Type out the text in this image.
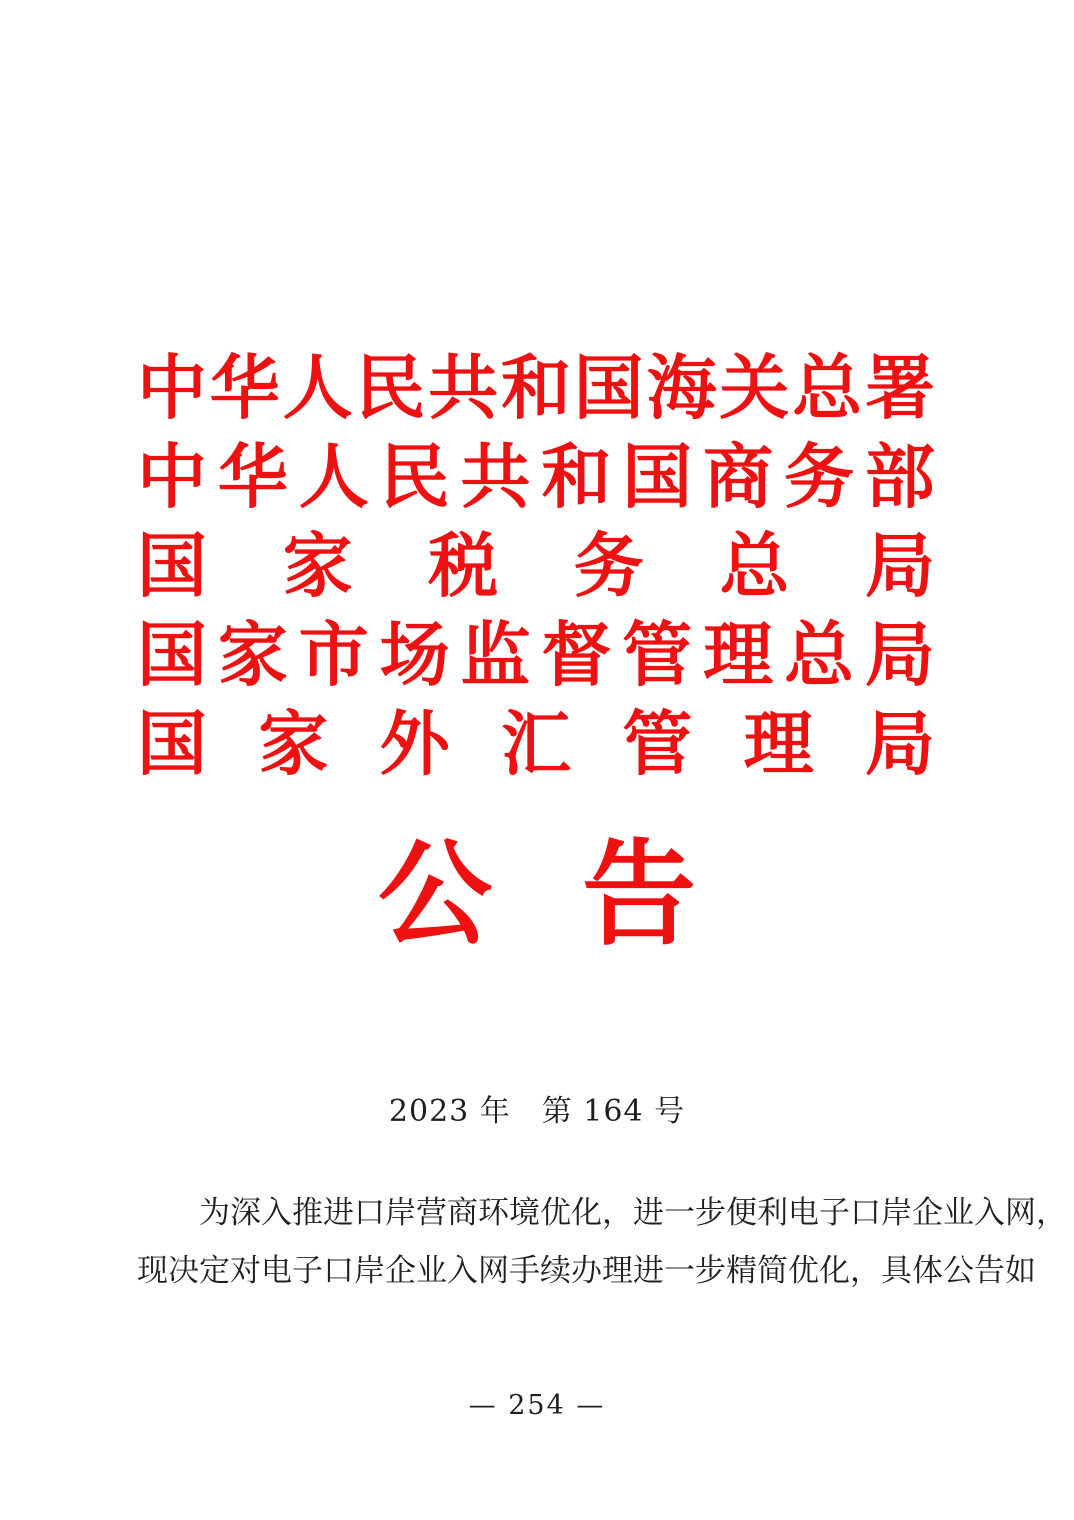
中 华 人 民 共 和 国 海 关 总 署
中 华 人 民 共 和 国 商 务 部
国 家 税 务 总 局
国 家 市 场 监 督 管 理 总 局
国 家 外 汇 管 理 局
公 告
2023 年　第 164 号
为深入推进口岸营商环境优化，进一步便利电子口岸企业入网，
现决定对电子口岸企业入网手续办理进一步精简优化，具体公告如
— 254 —
